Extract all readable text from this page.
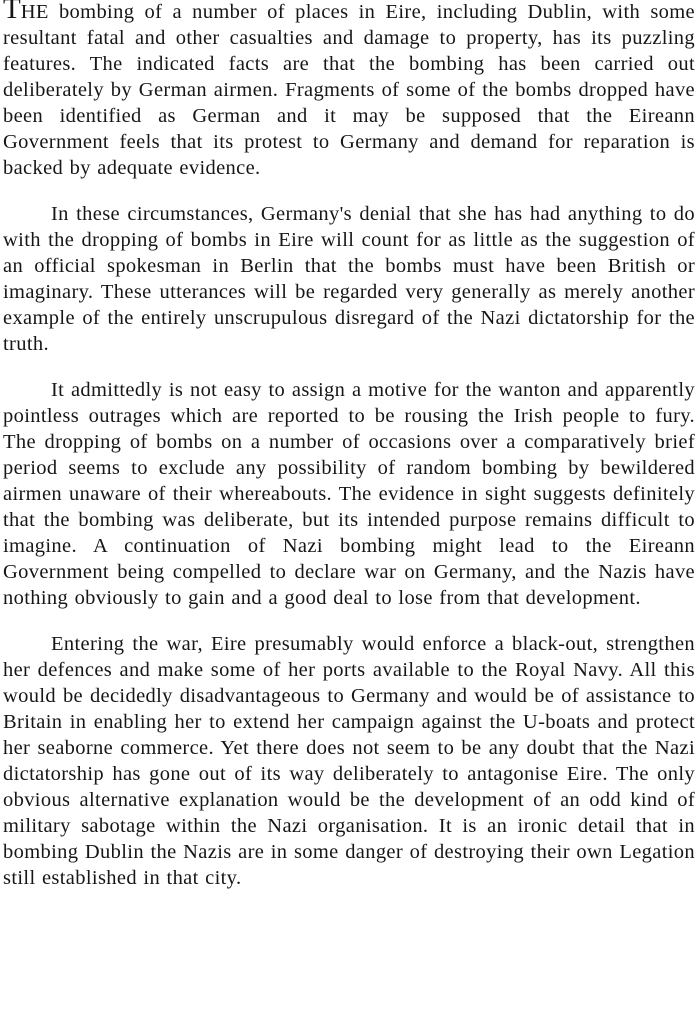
THE bombing of a number of places in Eire, including Dublin, with some resultant fatal and other casualties and damage to property, has its puzzling features. The indicated facts are that the bombing has been carried out deliberately by German airmen. Fragments of some of the bombs dropped have been identified as German and it may be supposed that the Eireann Government feels that its protest to Germany and demand for reparation is backed by adequate evidence.

In these circumstances, Germany's denial that she has had anything to do with the dropping of bombs in Eire will count for as little as the suggestion of an official spokesman in Berlin that the bombs must have been British or imaginary. These utterances will be regarded very generally as merely another example of the entirely unscrupulous disregard of the Nazi dictatorship for the truth.

It admittedly is not easy to assign a motive for the wanton and apparently pointless outrages which are reported to be rousing the Irish people to fury. The dropping of bombs on a number of occasions over a comparatively brief period seems to exclude any possibility of random bombing by bewildered airmen unaware of their whereabouts. The evidence in sight suggests definitely that the bombing was deliberate, but its intended purpose remains difficult to imagine. A continuation of Nazi bombing might lead to the Eireann Government being compelled to declare war on Germany, and the Nazis have nothing obviously to gain and a good deal to lose from that development.

Entering the war, Eire presumably would enforce a black-out, strengthen her defences and make some of her ports available to the Royal Navy. All this would be decidedly disadvantageous to Germany and would be of assistance to Britain in enabling her to extend her campaign against the U-boats and protect her seaborne commerce. Yet there does not seem to be any doubt that the Nazi dictatorship has gone out of its way deliberately to antagonise Eire. The only obvious alternative explanation would be the development of an odd kind of military sabotage within the Nazi organisation. It is an ironic detail that in bombing Dublin the Nazis are in some danger of destroying their own Legation still established in that city.
